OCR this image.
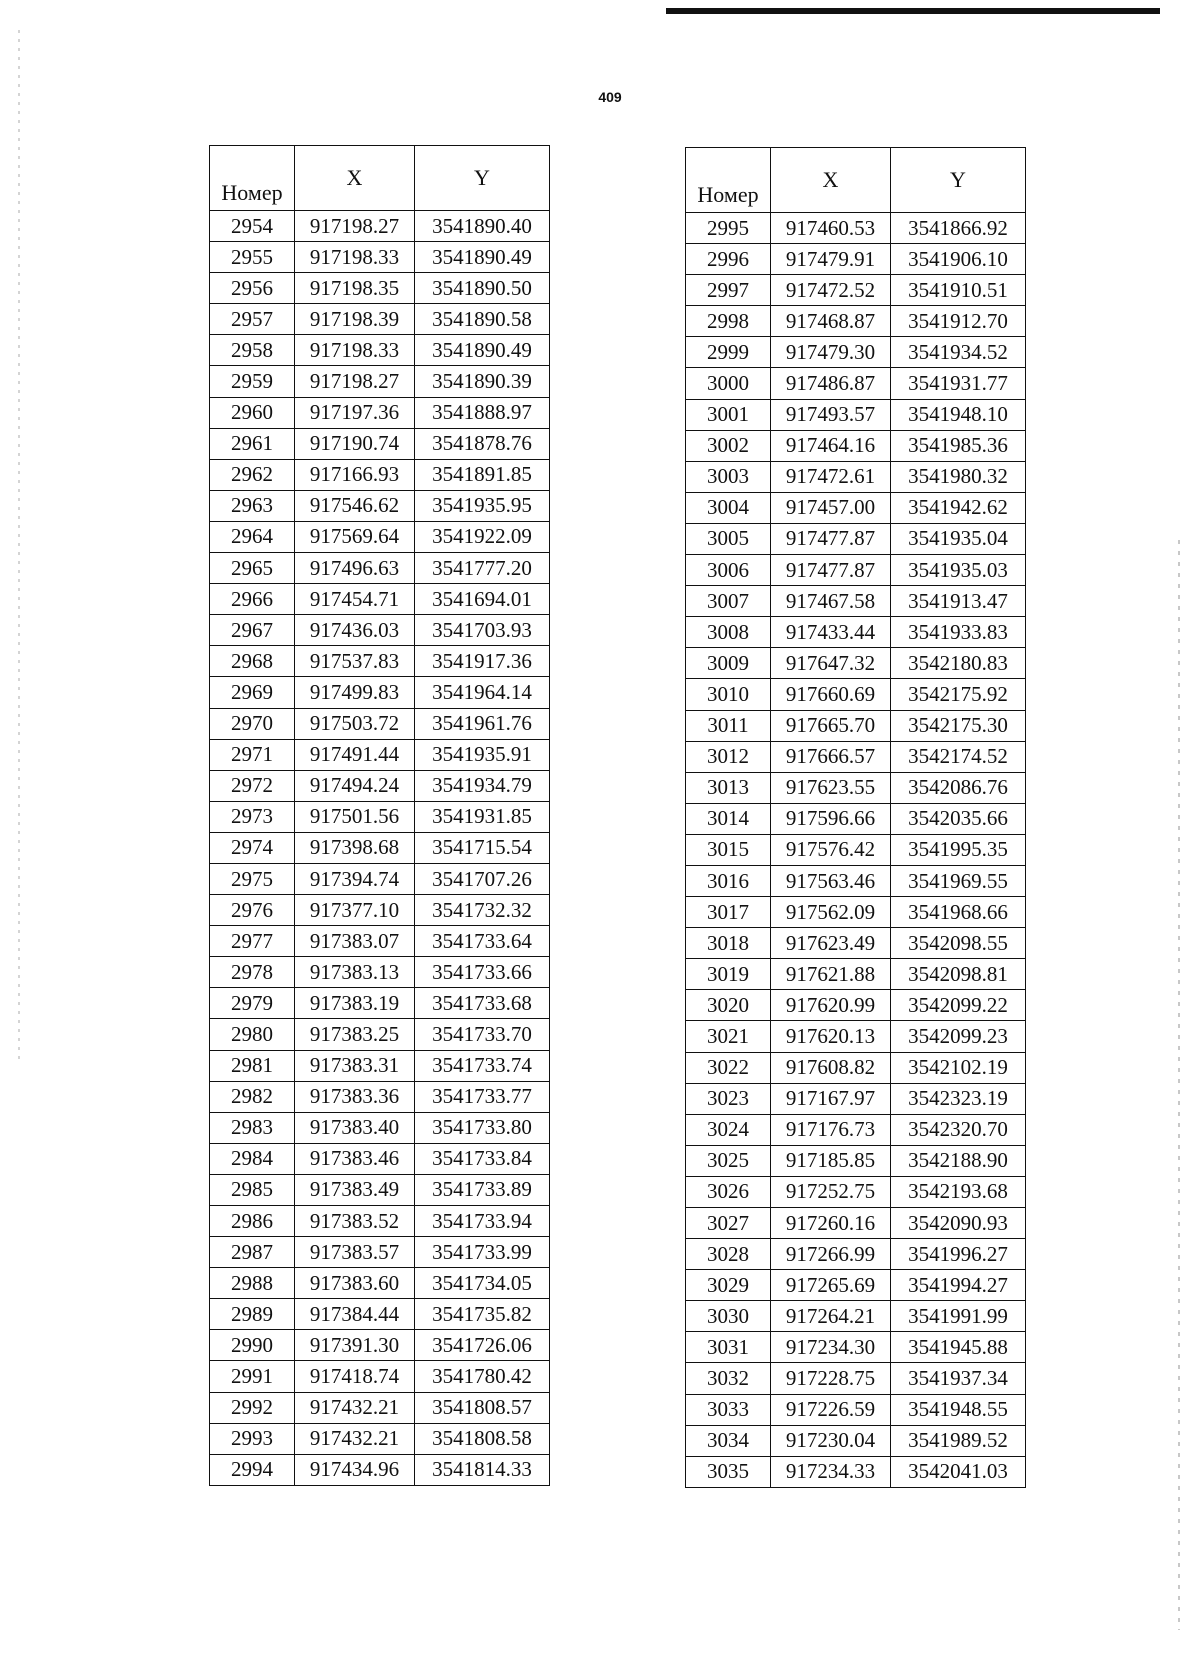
409
Номер	X	Y
2954	917198.27	3541890.40
2955	917198.33	3541890.49
2956	917198.35	3541890.50
2957	917198.39	3541890.58
2958	917198.33	3541890.49
2959	917198.27	3541890.39
2960	917197.36	3541888.97
2961	917190.74	3541878.76
2962	917166.93	3541891.85
2963	917546.62	3541935.95
2964	917569.64	3541922.09
2965	917496.63	3541777.20
2966	917454.71	3541694.01
2967	917436.03	3541703.93
2968	917537.83	3541917.36
2969	917499.83	3541964.14
2970	917503.72	3541961.76
2971	917491.44	3541935.91
2972	917494.24	3541934.79
2973	917501.56	3541931.85
2974	917398.68	3541715.54
2975	917394.74	3541707.26
2976	917377.10	3541732.32
2977	917383.07	3541733.64
2978	917383.13	3541733.66
2979	917383.19	3541733.68
2980	917383.25	3541733.70
2981	917383.31	3541733.74
2982	917383.36	3541733.77
2983	917383.40	3541733.80
2984	917383.46	3541733.84
2985	917383.49	3541733.89
2986	917383.52	3541733.94
2987	917383.57	3541733.99
2988	917383.60	3541734.05
2989	917384.44	3541735.82
2990	917391.30	3541726.06
2991	917418.74	3541780.42
2992	917432.21	3541808.57
2993	917432.21	3541808.58
2994	917434.96	3541814.33
Номер	X	Y
2995	917460.53	3541866.92
2996	917479.91	3541906.10
2997	917472.52	3541910.51
2998	917468.87	3541912.70
2999	917479.30	3541934.52
3000	917486.87	3541931.77
3001	917493.57	3541948.10
3002	917464.16	3541985.36
3003	917472.61	3541980.32
3004	917457.00	3541942.62
3005	917477.87	3541935.04
3006	917477.87	3541935.03
3007	917467.58	3541913.47
3008	917433.44	3541933.83
3009	917647.32	3542180.83
3010	917660.69	3542175.92
3011	917665.70	3542175.30
3012	917666.57	3542174.52
3013	917623.55	3542086.76
3014	917596.66	3542035.66
3015	917576.42	3541995.35
3016	917563.46	3541969.55
3017	917562.09	3541968.66
3018	917623.49	3542098.55
3019	917621.88	3542098.81
3020	917620.99	3542099.22
3021	917620.13	3542099.23
3022	917608.82	3542102.19
3023	917167.97	3542323.19
3024	917176.73	3542320.70
3025	917185.85	3542188.90
3026	917252.75	3542193.68
3027	917260.16	3542090.93
3028	917266.99	3541996.27
3029	917265.69	3541994.27
3030	917264.21	3541991.99
3031	917234.30	3541945.88
3032	917228.75	3541937.34
3033	917226.59	3541948.55
3034	917230.04	3541989.52
3035	917234.33	3542041.03
